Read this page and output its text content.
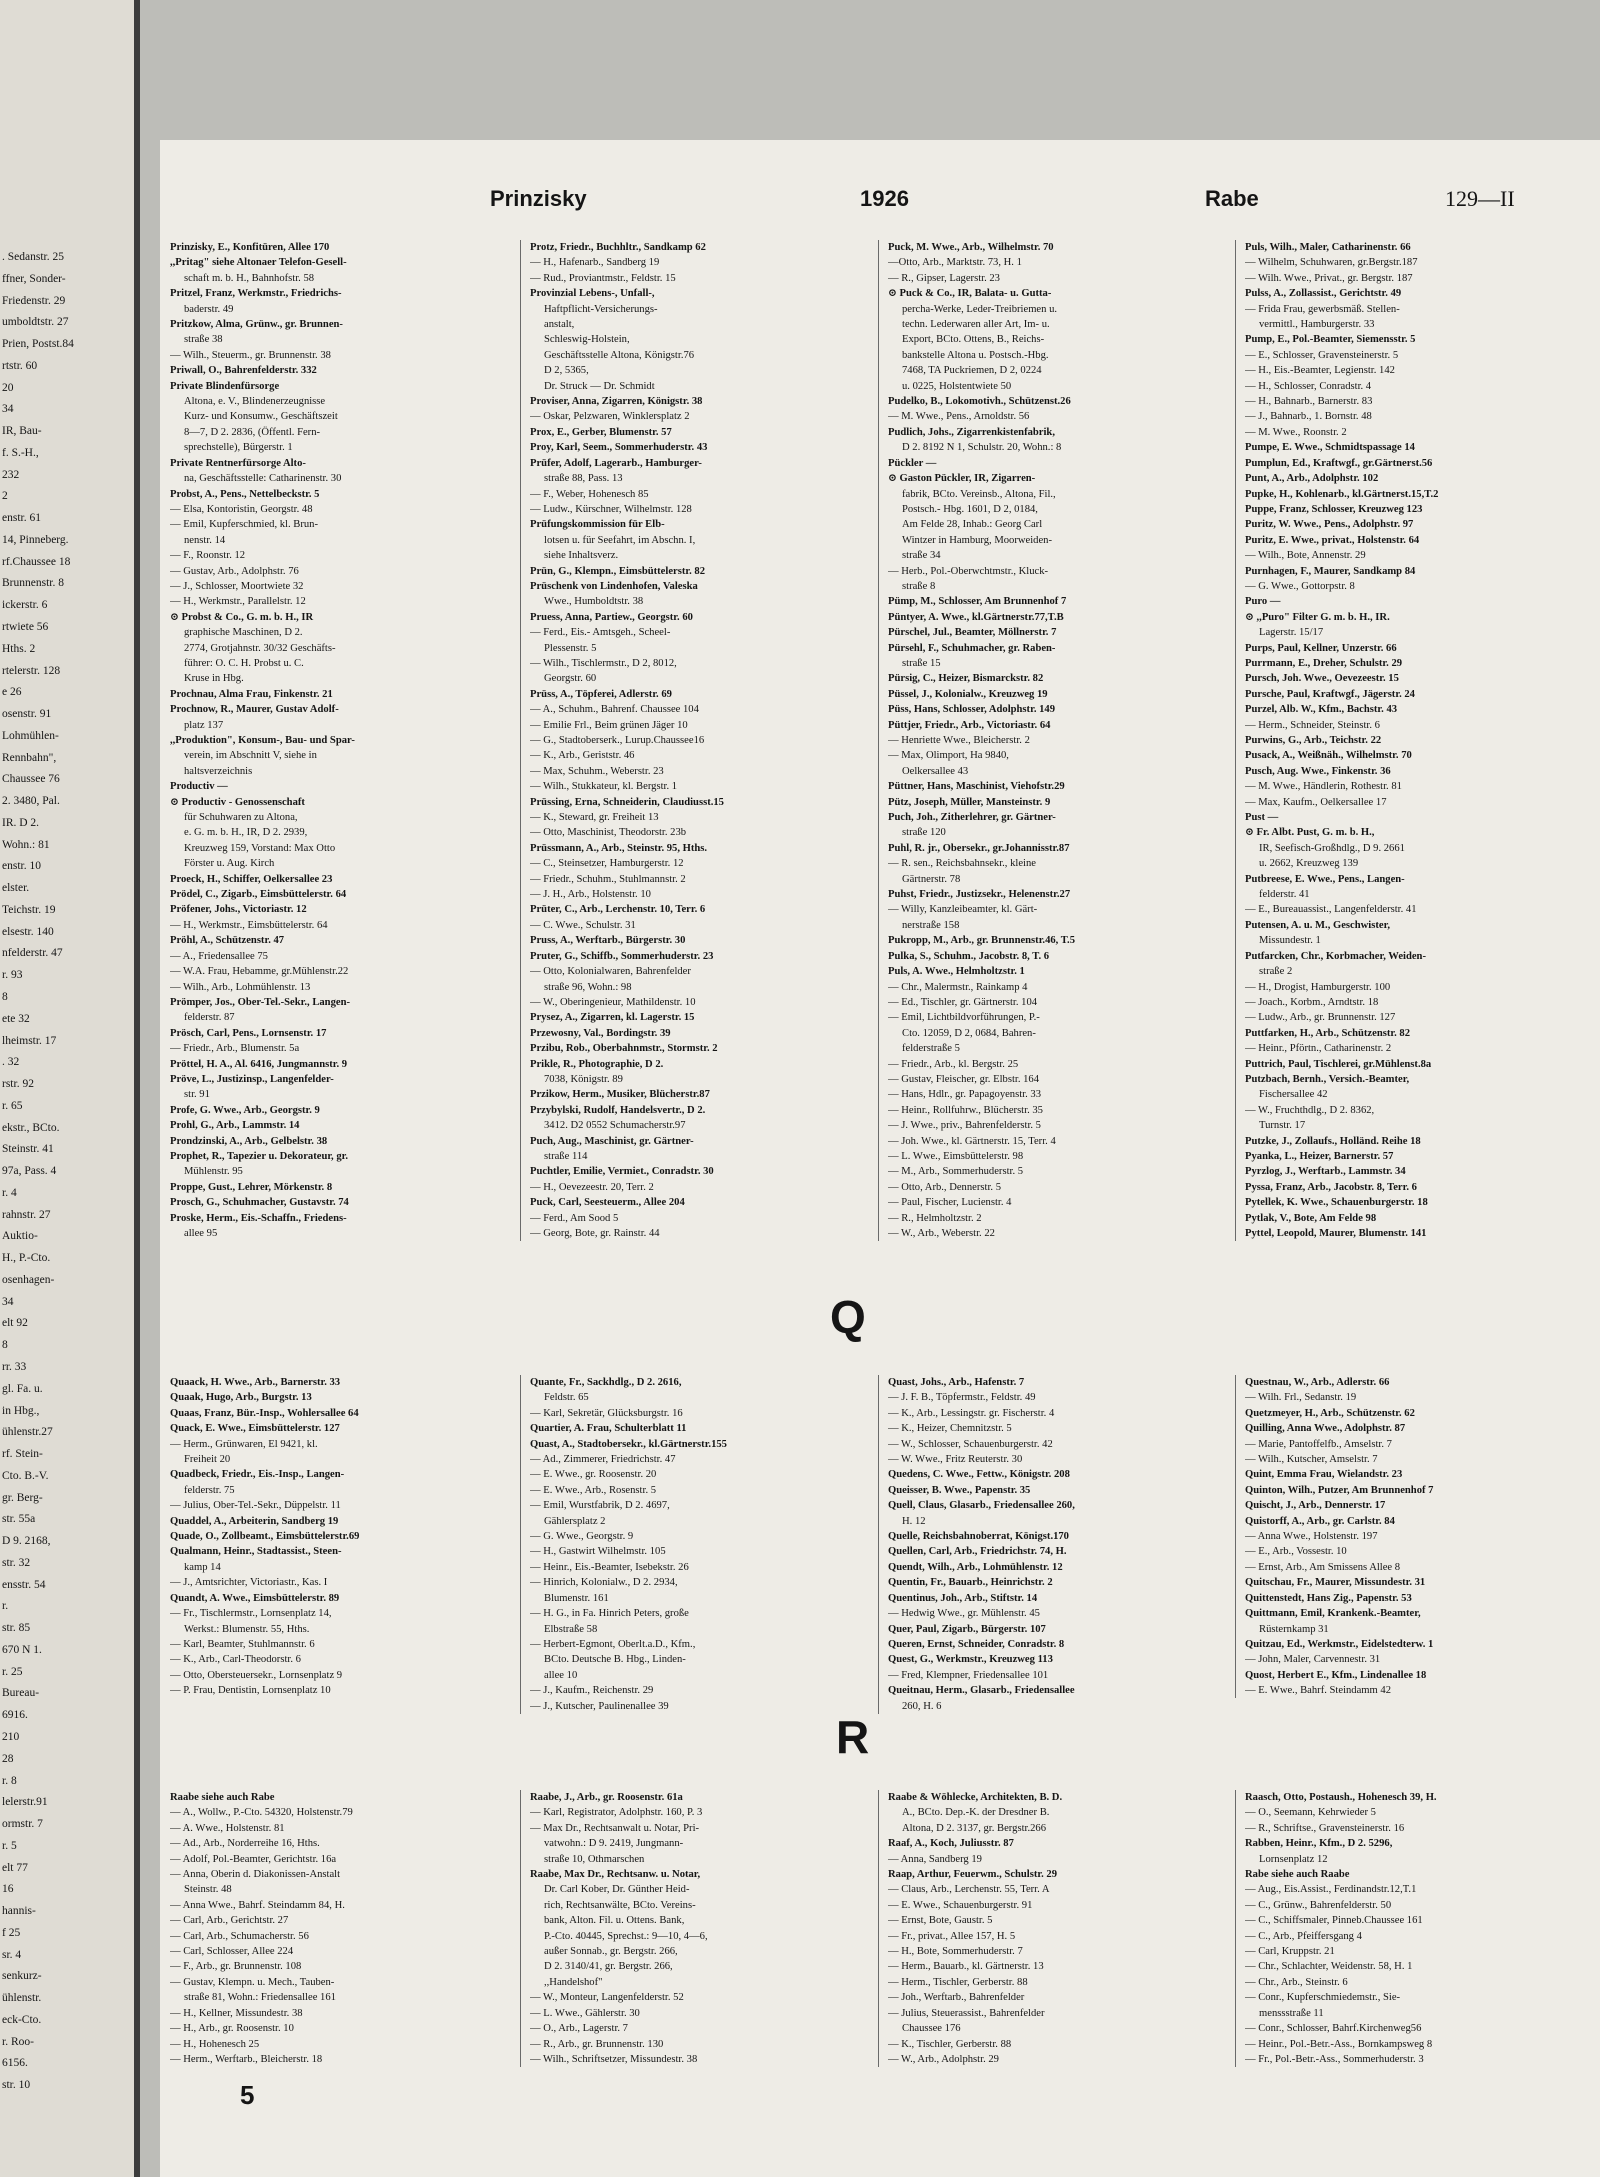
. Sedanstr. 25
ffner, Sonder-
Friedenstr. 29
umboldtstr. 27
Prien, Postst.84
rtstr. 60
20
34
IR, Bau-
f. S.-H.,
232
2
enstr. 61
14, Pinneberg.
rf.Chaussee 18
Brunnenstr. 8
ickerstr. 6
rtwiete 56
Hths. 2
rtelerstr. 128
e 26
osenstr. 91
Lohmühlen-
Rennbahn",
Chaussee 76
2. 3480, Pal.
IR. D 2.
Wohn.: 81
enstr. 10
elster.
Teichstr. 19
elsestr. 140
nfelderstr. 47
r. 93
8
ete 32
lheimstr. 17
. 32
rstr. 92
r. 65
ekstr., BCto.
Steinstr. 41
97a, Pass. 4
r. 4
rahnstr. 27
Auktio-
H., P.-Cto.
osenhagen-
34
elt 92
8
rr. 33
gl. Fa. u.
in Hbg.,
ühlenstr.27
rf. Stein-
Cto. B.-V.
gr. Berg-
str. 55a
D 9. 2168,
str. 32
ensstr. 54
r.
str. 85
670 N 1.
r. 25
Bureau-
6916.
210
28
r. 8
lelerstr.91
ormstr. 7
r. 5
elt 77
16
hannis-
f 25
sr. 4
senkurz-
ühlenstr.
eck-Cto.
r. Roo-
6156.
str. 10
Prinzisky	1926	Rabe	129—II
Prinzisky, E., Konfitüren, Allee 170
,,Pritag" siehe Altonaer Telefon-Gesell-
schaft m. b. H., Bahnhofstr. 58
Pritzel, Franz, Werkmstr., Friedrichs-
baderstr. 49
Pritzkow, Alma, Grünw., gr. Brunnen-
straße 38
— Wilh., Steuerm., gr. Brunnenstr. 38
Priwall, O., Bahrenfelderstr. 332
Private Blindenfürsorge
Altona, e. V., Blindenerzeugnisse
Kurz- und Konsumw., Geschäftszeit
8—7, D 2. 2836, (Öffentl. Fern-
sprechstelle), Bürgerstr. 1
Private Rentnerfürsorge Alto-
na, Geschäftsstelle: Catharinenstr. 30
Probst, A., Pens., Nettelbeckstr. 5
— Elsa, Kontoristin, Georgstr. 48
— Emil, Kupferschmied, kl. Brun-
nenstr. 14
— F., Roonstr. 12
— Gustav, Arb., Adolphstr. 76
— J., Schlosser, Moortwiete 32
— H., Werkmstr., Parallelstr. 12
⊙ Probst & Co., G. m. b. H., IR
graphische Maschinen, D 2.
2774, Grotjahnstr. 30/32 Geschäfts-
führer: O. C. H. Probst u. C.
Kruse in Hbg.
Prochnau, Alma Frau, Finkenstr. 21
Prochnow, R., Maurer, Gustav Adolf-
platz 137
,,Produktion", Konsum-, Bau- und Spar-
verein, im Abschnitt V, siehe in
haltsverzeichnis
Productiv —
⊙ Productiv - Genossenschaft
für Schuhwaren zu Altona,
e. G. m. b. H., IR, D 2. 2939,
Kreuzweg 159, Vorstand: Max Otto
Förster u. Aug. Kirch
Proeck, H., Schiffer, Oelkersallee 23
Prödel, C., Zigarb., Eimsbüttelerstr. 64
Pröfener, Johs., Victoriastr. 12
— H., Werkmstr., Eimsbüttelerstr. 64
Pröhl, A., Schützenstr. 47
— A., Friedensallee 75
— W.A. Frau, Hebamme, gr.Mühlenstr.22
— Wilh., Arb., Lohmühlenstr. 13
Prömper, Jos., Ober-Tel.-Sekr., Langen-
felderstr. 87
Prösch, Carl, Pens., Lornsenstr. 17
— Friedr., Arb., Blumenstr. 5a
Pröttel, H. A., Al. 6416, Jungmannstr. 9
Pröve, L., Justizinsp., Langenfelder-
str. 91
Profe, G. Wwe., Arb., Georgstr. 9
Prohl, G., Arb., Lammstr. 14
Prondzinski, A., Arb., Gelbelstr. 38
Prophet, R., Tapezier u. Dekorateur, gr.
Mühlenstr. 95
Proppe, Gust., Lehrer, Mörkenstr. 8
Prosch, G., Schuhmacher, Gustavstr. 74
Proske, Herm., Eis.-Schaffn., Friedens-
allee 95
Protz, Friedr., Buchhltr., Sandkamp 62
— H., Hafenarb., Sandberg 19
— Rud., Proviantmstr., Feldstr. 15
Provinzial Lebens-, Unfall-,
Haftpflicht-Versicherungs-
anstalt,
Schleswig-Holstein,
Geschäftsstelle Altona, Königstr.76
D 2, 5365,
Dr. Struck — Dr. Schmidt
Proviser, Anna, Zigarren, Königstr. 38
— Oskar, Pelzwaren, Winklersplatz 2
Prox, E., Gerber, Blumenstr. 57
Proy, Karl, Seem., Sommerhuderstr. 43
Prüfer, Adolf, Lagerarb., Hamburger-
straße 88, Pass. 13
— F., Weber, Hohenesch 85
— Ludw., Kürschner, Wilhelmstr. 128
Prüfungskommission für Elb-
lotsen u. für Seefahrt, im Abschn. I,
siehe Inhaltsverz.
Prün, G., Klempn., Eimsbüttelerstr. 82
Prüschenk von Lindenhofen, Valeska
Wwe., Humboldtstr. 38
Pruess, Anna, Partiew., Georgstr. 60
— Ferd., Eis.- Amtsgeh., Scheel-
Plessenstr. 5
— Wilh., Tischlermstr., D 2, 8012,
Georgstr. 60
Prüss, A., Töpferei, Adlerstr. 69
— A., Schuhm., Bahrenf. Chaussee 104
— Emilie Frl., Beim grünen Jäger 10
— G., Stadtoberserk., Lurup.Chaussee16
— K., Arb., Geriststr. 46
— Max, Schuhm., Weberstr. 23
— Wilh., Stukkateur, kl. Bergstr. 1
Prüssing, Erna, Schneiderin, Claudiusst.15
— K., Steward, gr. Freiheit 13
— Otto, Maschinist, Theodorstr. 23b
Prüssmann, A., Arb., Steinstr. 95, Hths.
— C., Steinsetzer, Hamburgerstr. 12
— Friedr., Schuhm., Stuhlmannstr. 2
— J. H., Arb., Holstenstr. 10
Prüter, C., Arb., Lerchenstr. 10, Terr. 6
— C. Wwe., Schulstr. 31
Pruss, A., Werftarb., Bürgerstr. 30
Pruter, G., Schiffb., Sommerhuderstr. 23
— Otto, Kolonialwaren, Bahrenfelder
straße 96, Wohn.: 98
— W., Oberingenieur, Mathildenstr. 10
Prysez, A., Zigarren, kl. Lagerstr. 15
Przewosny, Val., Bordingstr. 39
Przibu, Rob., Oberbahnmstr., Stormstr. 2
Prikle, R., Photographie, D 2.
7038, Königstr. 89
Przikow, Herm., Musiker, Blücherstr.87
Przybylski, Rudolf, Handelsvertr., D 2.
3412. D2 0552 Schumacherstr.97
Puch, Aug., Maschinist, gr. Gärtner-
straße 114
Puchtler, Emilie, Vermiet., Conradstr. 30
— H., Oevezeestr. 20, Terr. 2
Puck, Carl, Seesteuerm., Allee 204
— Ferd., Am Sood 5
— Georg, Bote, gr. Rainstr. 44
Puck, M. Wwe., Arb., Wilhelmstr. 70
—Otto, Arb., Marktstr. 73, H. 1
— R., Gipser, Lagerstr. 23
⊙ Puck & Co., IR, Balata- u. Gutta-
percha-Werke, Leder-Treibriemen u.
techn. Lederwaren aller Art, Im- u.
Export, BCto. Ottens, B., Reichs-
bankstelle Altona u. Postsch.-Hbg.
7468, TA Puckriemen, D 2, 0224
u. 0225, Holstentwiete 50
Pudelko, B., Lokomotivh., Schützenst.26
— M. Wwe., Pens., Arnoldstr. 56
Pudlich, Johs., Zigarrenkistenfabrik,
D 2. 8192 N 1, Schulstr. 20, Wohn.: 8
Pückler —
⊙ Gaston Pückler, IR, Zigarren-
fabrik, BCto. Vereinsb., Altona, Fil.,
Postsch.- Hbg. 1601, D 2, 0184,
Am Felde 28, Inhab.: Georg Carl
Wintzer in Hamburg, Moorweiden-
straße 34
— Herb., Pol.-Oberwchtmstr., Kluck-
straße 8
Pümp, M., Schlosser, Am Brunnenhof 7
Püntyer, A. Wwe., kl.Gärtnerstr.77,T.B
Pürschel, Jul., Beamter, Möllnerstr. 7
Pürsehl, F., Schuhmacher, gr. Raben-
straße 15
Pürsig, C., Heizer, Bismarckstr. 82
Püssel, J., Kolonialw., Kreuzweg 19
Püss, Hans, Schlosser, Adolphstr. 149
Püttjer, Friedr., Arb., Victoriastr. 64
— Henriette Wwe., Bleicherstr. 2
— Max, Olimport, Ha 9840,
Oelkersallee 43
Püttner, Hans, Maschinist, Viehofstr.29
Pütz, Joseph, Müller, Mansteinstr. 9
Puch, Joh., Zitherlehrer, gr. Gärtner-
straße 120
Puhl, R. jr., Obersekr., gr.Johannisstr.87
— R. sen., Reichsbahnsekr., kleine
Gärtnerstr. 78
Puhst, Friedr., Justizsekr., Helenenstr.27
— Willy, Kanzleibeamter, kl. Gärt-
nerstraße 158
Pukropp, M., Arb., gr. Brunnenstr.46, T.5
Pulka, S., Schuhm., Jacobstr. 8, T. 6
Puls, A. Wwe., Helmholtzstr. 1
— Chr., Malermstr., Rainkamp 4
— Ed., Tischler, gr. Gärtnerstr. 104
— Emil, Lichtbildvorführungen, P.-
Cto. 12059, D 2, 0684, Bahren-
felderstraße 5
— Friedr., Arb., kl. Bergstr. 25
— Gustav, Fleischer, gr. Elbstr. 164
— Hans, Hdlr., gr. Papagoyenstr. 33
— Heinr., Rollfuhrw., Blücherstr. 35
— J. Wwe., priv., Bahrenfelderstr. 5
— Joh. Wwe., kl. Gärtnerstr. 15, Terr. 4
— L. Wwe., Eimsbüttelerstr. 98
— M., Arb., Sommerhuderstr. 5
— Otto, Arb., Dennerstr. 5
— Paul, Fischer, Lucienstr. 4
— R., Helmholtzstr. 2
— W., Arb., Weberstr. 22
Puls, Wilh., Maler, Catharinenstr. 66
— Wilhelm, Schuhwaren, gr.Bergstr.187
— Wilh. Wwe., Privat., gr. Bergstr. 187
Pulss, A., Zollassist., Gerichtstr. 49
— Frida Frau, gewerbsmäß. Stellen-
vermittl., Hamburgerstr. 33
Pump, E., Pol.-Beamter, Siemensstr. 5
— E., Schlosser, Gravensteinerstr. 5
— H., Eis.-Beamter, Legienstr. 142
— H., Schlosser, Conradstr. 4
— H., Bahnarb., Barnerstr. 83
— J., Bahnarb., 1. Bornstr. 48
— M. Wwe., Roonstr. 2
Pumpe, E. Wwe., Schmidtspassage 14
Pumplun, Ed., Kraftwgf., gr.Gärtnerst.56
Punt, A., Arb., Adolphstr. 102
Pupke, H., Kohlenarb., kl.Gärtnerst.15,T.2
Puppe, Franz, Schlosser, Kreuzweg 123
Puritz, W. Wwe., Pens., Adolphstr. 97
Puritz, E. Wwe., privat., Holstenstr. 64
— Wilh., Bote, Annenstr. 29
Purnhagen, F., Maurer, Sandkamp 84
— G. Wwe., Gottorpstr. 8
Puro —
⊙ ,,Puro" Filter G. m. b. H., IR.
Lagerstr. 15/17
Purps, Paul, Kellner, Unzerstr. 66
Purrmann, E., Dreher, Schulstr. 29
Pursch, Joh. Wwe., Oevezeestr. 15
Pursche, Paul, Kraftwgf., Jägerstr. 24
Purzel, Alb. W., Kfm., Bachstr. 43
— Herm., Schneider, Steinstr. 6
Purwins, G., Arb., Teichstr. 22
Pusack, A., Weißnäh., Wilhelmstr. 70
Pusch, Aug. Wwe., Finkenstr. 36
— M. Wwe., Händlerin, Rothestr. 81
— Max, Kaufm., Oelkersallee 17
Pust —
⊙ Fr. Albt. Pust, G. m. b. H.,
IR, Seefisch-Großhdlg., D 9. 2661
u. 2662, Kreuzweg 139
Putbreese, E. Wwe., Pens., Langen-
felderstr. 41
— E., Bureauassist., Langenfelderstr. 41
Putensen, A. u. M., Geschwister,
Missundestr. 1
Putfarcken, Chr., Korbmacher, Weiden-
straße 2
— H., Drogist, Hamburgerstr. 100
— Joach., Korbm., Arndtstr. 18
— Ludw., Arb., gr. Brunnenstr. 127
Puttfarken, H., Arb., Schützenstr. 82
— Heinr., Pförtn., Catharinenstr. 2
Puttrich, Paul, Tischlerei, gr.Mühlenst.8a
Putzbach, Bernh., Versich.-Beamter,
Fischersallee 42
— W., Fruchthdlg., D 2. 8362,
Turnstr. 17
Putzke, J., Zollaufs., Holländ. Reihe 18
Pyanka, L., Heizer, Barnerstr. 57
Pyrzlog, J., Werftarb., Lammstr. 34
Pyssa, Franz, Arb., Jacobstr. 8, Terr. 6
Pytellek, K. Wwe., Schauenburgerstr. 18
Pytlak, V., Bote, Am Felde 98
Pyttel, Leopold, Maurer, Blumenstr. 141
Q
Quaack, H. Wwe., Arb., Barnerstr. 33
Quaak, Hugo, Arb., Burgstr. 13
Quaas, Franz, Bür.-Insp., Wohlersallee 64
Quack, E. Wwe., Eimsbüttelerstr. 127
— Herm., Grünwaren, El 9421, kl.
Freiheit 20
Quadbeck, Friedr., Eis.-Insp., Langen-
felderstr. 75
— Julius, Ober-Tel.-Sekr., Düppelstr. 11
Quaddel, A., Arbeiterin, Sandberg 19
Quade, O., Zollbeamt., Eimsbüttelerstr.69
Qualmann, Heinr., Stadtassist., Steen-
kamp 14
— J., Amtsrichter, Victoriastr., Kas. I
Quandt, A. Wwe., Eimsbüttelerstr. 89
— Fr., Tischlermstr., Lornsenplatz 14,
Werkst.: Blumenstr. 55, Hths.
— Karl, Beamter, Stuhlmannstr. 6
— K., Arb., Carl-Theodorstr. 6
— Otto, Obersteuersekr., Lornsenplatz 9
— P. Frau, Dentistin, Lornsenplatz 10
Quante, Fr., Sackhdlg., D 2. 2616,
Feldstr. 65
— Karl, Sekretär, Glücksburgstr. 16
Quartier, A. Frau, Schulterblatt 11
Quast, A., Stadtobersekr., kl.Gärtnerstr.155
— Ad., Zimmerer, Friedrichstr. 47
— E. Wwe., gr. Roosenstr. 20
— E. Wwe., Arb., Rosenstr. 5
— Emil, Wurstfabrik, D 2. 4697,
Gählersplatz 2
— G. Wwe., Georgstr. 9
— H., Gastwirt Wilhelmstr. 105
— Heinr., Eis.-Beamter, Isebekstr. 26
— Hinrich, Kolonialw., D 2. 2934,
Blumenstr. 161
— H. G., in Fa. Hinrich Peters, große
Elbstraße 58
— Herbert-Egmont, Oberlt.a.D., Kfm.,
BCto. Deutsche B. Hbg., Linden-
allee 10
— J., Kaufm., Reichenstr. 29
— J., Kutscher, Paulinenallee 39
Quast, Johs., Arb., Hafenstr. 7
— J. F. B., Töpfermstr., Feldstr. 49
— K., Arb., Lessingstr. gr. Fischerstr. 4
— K., Heizer, Chemnitzstr. 5
— W., Schlosser, Schauenburgerstr. 42
— W. Wwe., Fritz Reuterstr. 30
Quedens, C. Wwe., Fettw., Königstr. 208
Queisser, B. Wwe., Papenstr. 35
Quell, Claus, Glasarb., Friedensallee 260,
H. 12
Quelle, Reichsbahnoberrat, Königst.170
Quellen, Carl, Arb., Friedrichstr. 74, H.
Quendt, Wilh., Arb., Lohmühlenstr. 12
Quentin, Fr., Bauarb., Heinrichstr. 2
Quentinus, Joh., Arb., Stiftstr. 14
— Hedwig Wwe., gr. Mühlenstr. 45
Quer, Paul, Zigarb., Bürgerstr. 107
Queren, Ernst, Schneider, Conradstr. 8
Quest, G., Werkmstr., Kreuzweg 113
— Fred, Klempner, Friedensallee 101
Queitnau, Herm., Glasarb., Friedensallee
260, H. 6
Questnau, W., Arb., Adlerstr. 66
— Wilh. Frl., Sedanstr. 19
Quetzmeyer, H., Arb., Schützenstr. 62
Quilling, Anna Wwe., Adolphstr. 87
— Marie, Pantoffelfb., Amselstr. 7
— Wilh., Kutscher, Amselstr. 7
Quint, Emma Frau, Wielandstr. 23
Quinton, Wilh., Putzer, Am Brunnenhof 7
Quischt, J., Arb., Dennerstr. 17
Quistorff, A., Arb., gr. Carlstr. 84
— Anna Wwe., Holstenstr. 197
— E., Arb., Vossestr. 10
— Ernst, Arb., Am Smissens Allee 8
Quitschau, Fr., Maurer, Missundestr. 31
Quittenstedt, Hans Zig., Papenstr. 53
Quittmann, Emil, Krankenk.-Beamter,
Rüsternkamp 31
Quitzau, Ed., Werkmstr., Eidelstedterw. 1
— John, Maler, Carvennestr. 31
Quost, Herbert E., Kfm., Lindenallee 18
— E. Wwe., Bahrf. Steindamm 42
R
Raabe siehe auch Rabe
— A., Wollw., P.-Cto. 54320, Holstenstr.79
— A. Wwe., Holstenstr. 81
— Ad., Arb., Norderreihe 16, Hths.
— Adolf, Pol.-Beamter, Gerichtstr. 16a
— Anna, Oberin d. Diakonissen-Anstalt
Steinstr. 48
— Anna Wwe., Bahrf. Steindamm 84, H.
— Carl, Arb., Gerichtstr. 27
— Carl, Arb., Schumacherstr. 56
— Carl, Schlosser, Allee 224
— F., Arb., gr. Brunnenstr. 108
— Gustav, Klempn. u. Mech., Tauben-
straße 81, Wohn.: Friedensallee 161
— H., Kellner, Missundestr. 38
— H., Arb., gr. Roosenstr. 10
— H., Hohenesch 25
— Herm., Werftarb., Bleicherstr. 18
Raabe, J., Arb., gr. Roosenstr. 61a
— Karl, Registrator, Adolphstr. 160, P. 3
— Max Dr., Rechtsanwalt u. Notar, Pri-
vatwohn.: D 9. 2419, Jungmann-
straße 10, Othmarschen
Raabe, Max Dr., Rechtsanw. u. Notar,
Dr. Carl Kober, Dr. Günther Heid-
rich, Rechtsanwälte, BCto. Vereins-
bank, Alton. Fil. u. Ottens. Bank,
P.-Cto. 40445, Sprechst.: 9—10, 4—6,
außer Sonnab., gr. Bergstr. 266,
D 2. 3140/41, gr. Bergstr. 266,
,,Handelshof"
— W., Monteur, Langenfelderstr. 52
— L. Wwe., Gählerstr. 30
— O., Arb., Lagerstr. 7
— R., Arb., gr. Brunnenstr. 130
— Wilh., Schriftsetzer, Missundestr. 38
Raabe & Wöhlecke, Architekten, B. D.
A., BCto. Dep.-K. der Dresdner B.
Altona, D 2. 3137, gr. Bergstr.266
Raaf, A., Koch, Juliusstr. 87
— Anna, Sandberg 19
Raap, Arthur, Feuerwm., Schulstr. 29
— Claus, Arb., Lerchenstr. 55, Terr. A
— E. Wwe., Schauenburgerstr. 91
— Ernst, Bote, Gaustr. 5
— Fr., privat., Allee 157, H. 5
— H., Bote, Sommerhuderstr. 7
— Herm., Bauarb., kl. Gärtnerstr. 13
— Herm., Tischler, Gerberstr. 88
— Joh., Werftarb., Bahrenfelder
— Julius, Steuerassist., Bahrenfelder
Chaussee 176
— K., Tischler, Gerberstr. 88
— W., Arb., Adolphstr. 29
Raasch, Otto, Postaush., Hohenesch 39, H.
— O., Seemann, Kehrwieder 5
— R., Schriftse., Gravensteinerstr. 16
Rabben, Heinr., Kfm., D 2. 5296,
Lornsenplatz 12
Rabe siehe auch Raabe
— Aug., Eis.Assist., Ferdinandstr.12,T.1
— C., Grünw., Bahrenfelderstr. 50
— C., Schiffsmaler, Pinneb.Chaussee 161
— C., Arb., Pfeiffersgang 4
— Carl, Kruppstr. 21
— Chr., Schlachter, Weidenstr. 58, H. 1
— Chr., Arb., Steinstr. 6
— Conr., Kupferschmiedemstr., Sie-
menssstraße 11
— Conr., Schlosser, Bahrf.Kirchenweg56
— Heinr., Pol.-Betr.-Ass., Bornkampsweg 8
— Fr., Pol.-Betr.-Ass., Sommerhuderstr. 3
5
